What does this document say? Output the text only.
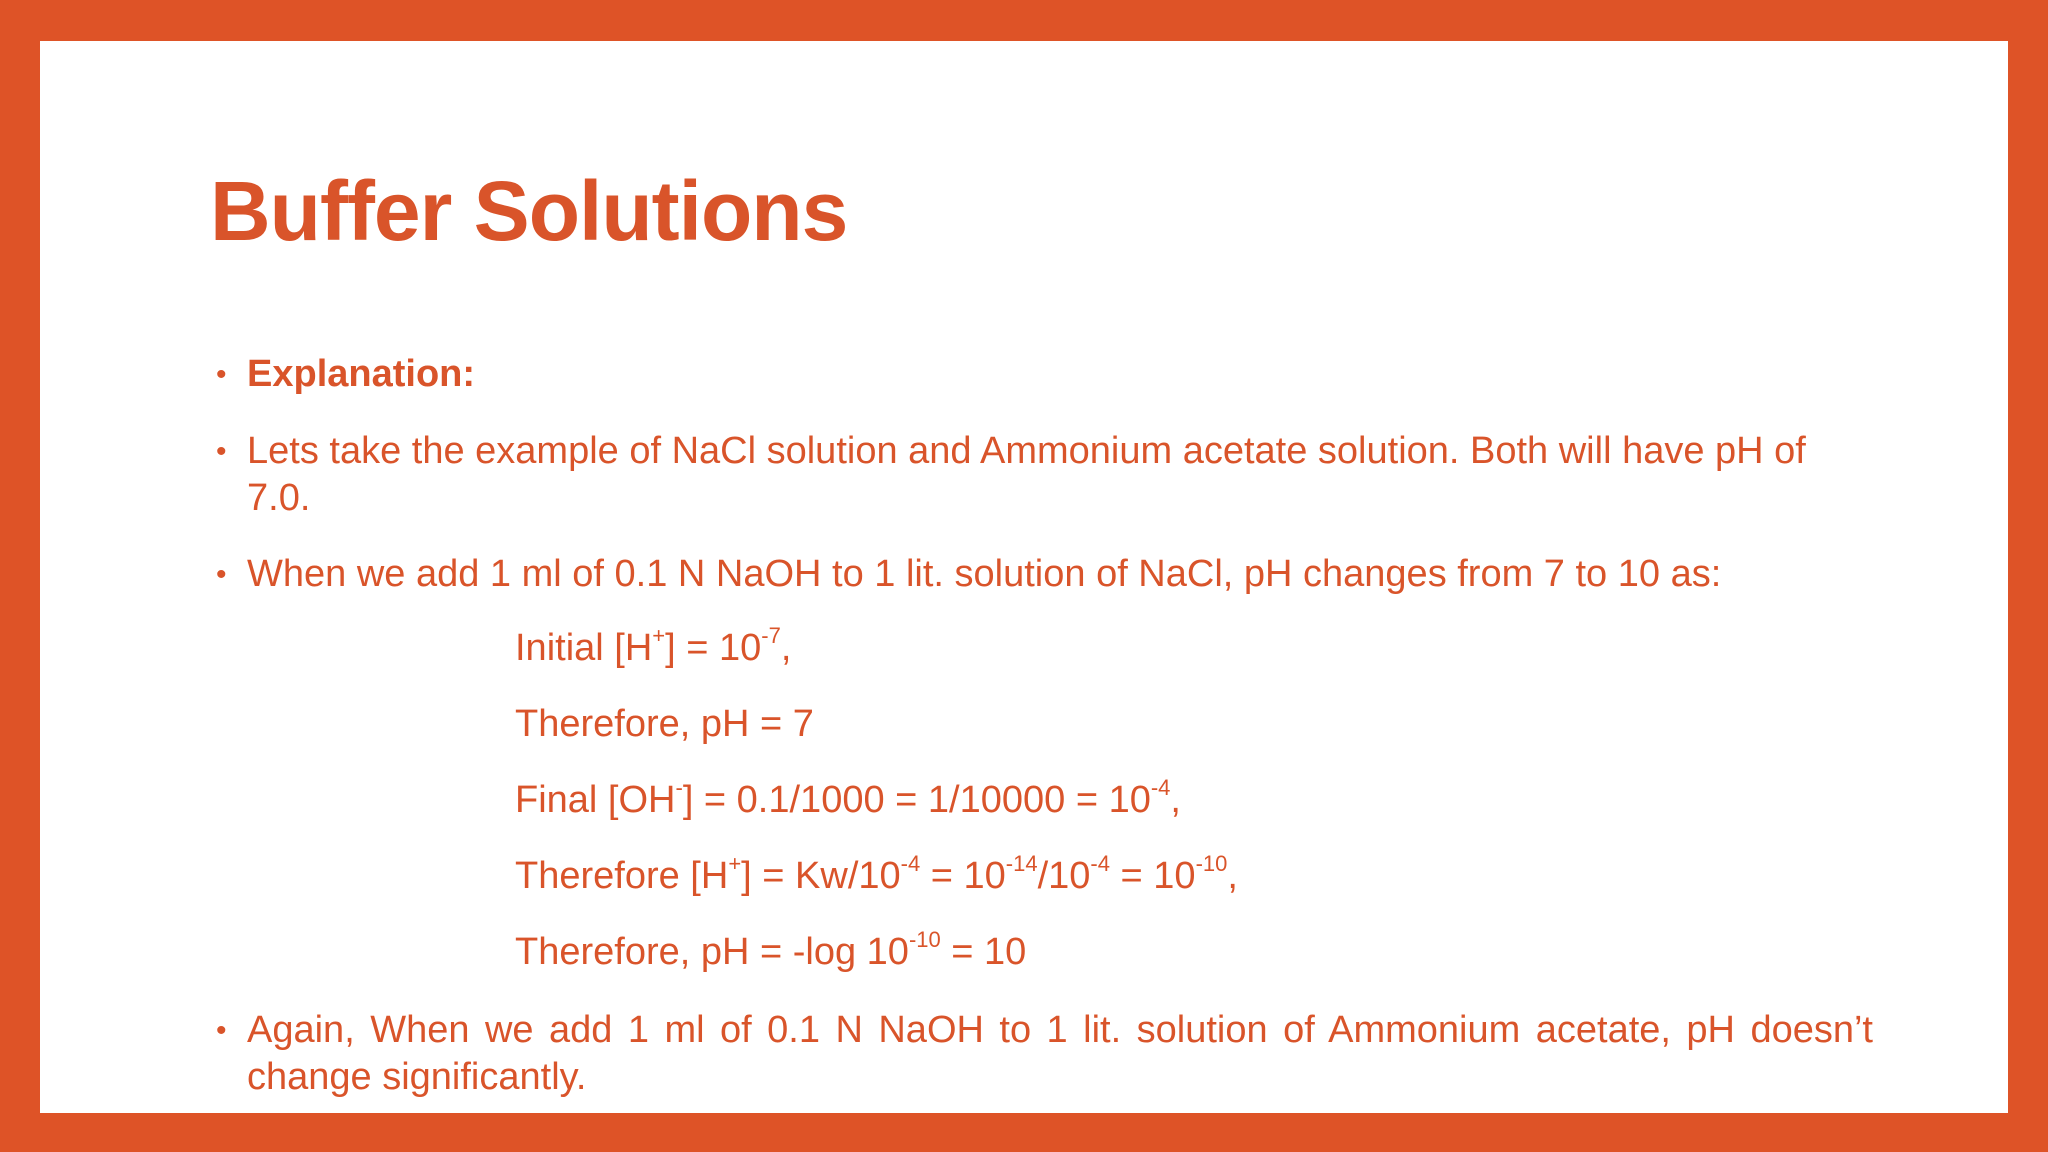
Buffer Solutions
• Explanation:
• Lets take the example of NaCl solution and Ammonium acetate solution. Both will have pH of 7.0.
• When we add 1 ml of 0.1 N NaOH to 1 lit. solution of NaCl, pH changes from 7 to 10 as:
Initial $[H^+] = 10^{-7}$,
Therefore, pH = 7
Final $[OH^-] = 0.1/1000 = 1/10000 = 10^{-4}$,
Therefore $[H^+] = Kw/10^{-4} = 10^{-14}/10^{-4} = 10^{-10}$,
Therefore, pH = -log $10^{-10} = 10$
• Again, When we add 1 ml of 0.1 N NaOH to 1 lit. solution of Ammonium acetate, pH doesn’t change significantly.
